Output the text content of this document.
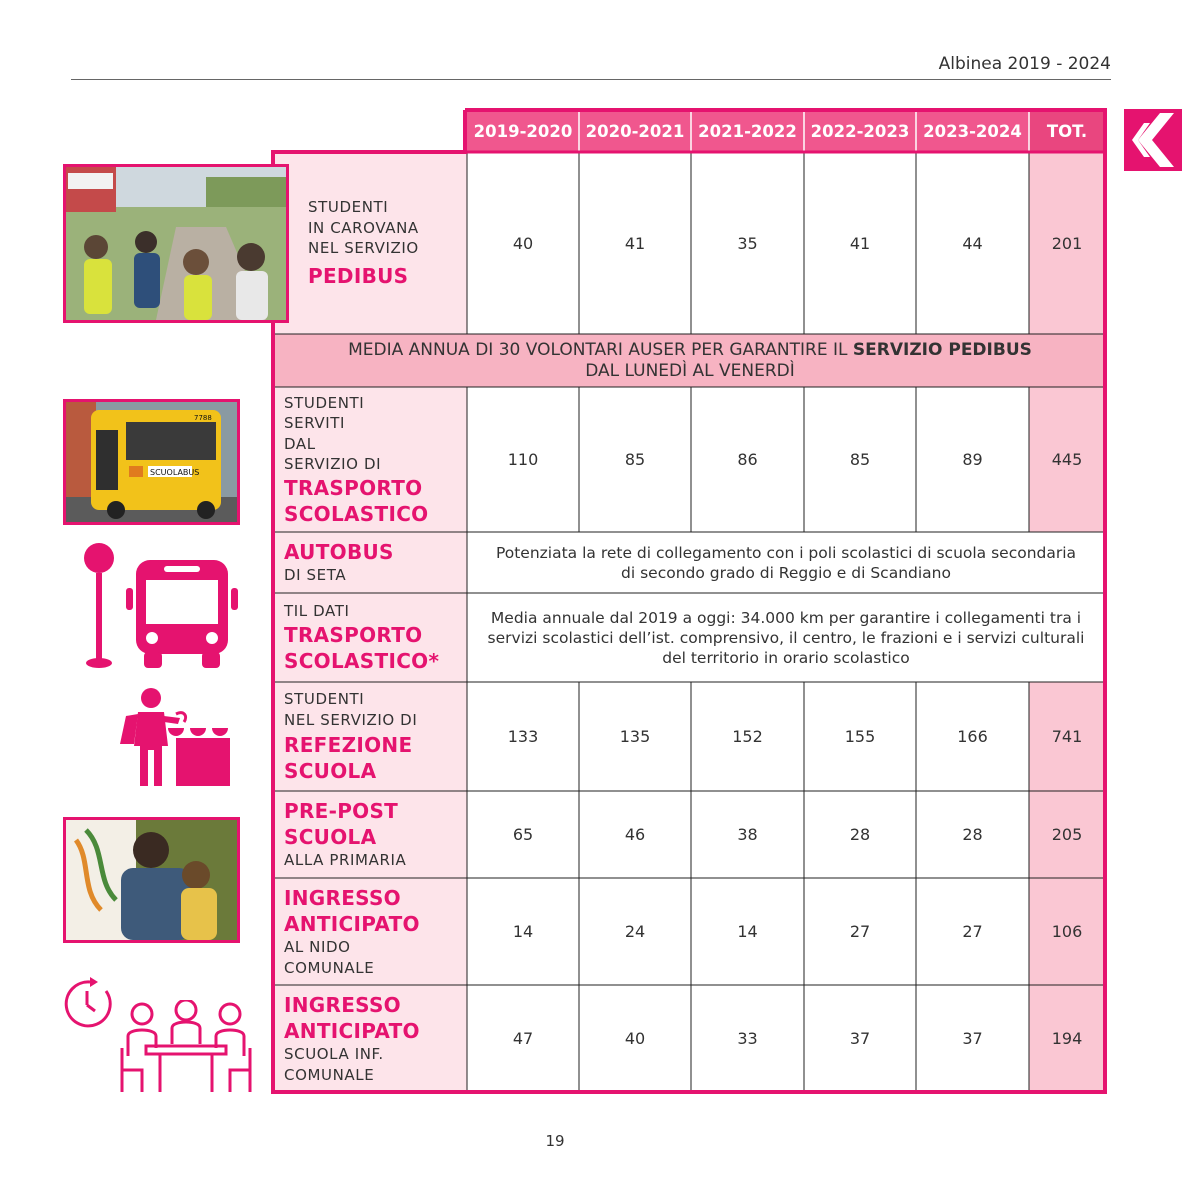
Albinea 2019 - 2024
2019-2020 2020-2021 2021-2022 2022-2023 2023-2024	TOT.
STUDENTI
IN CAROVANA
NEL SERVIZIO
PEDIBUS
40	41	35	41	44	201
MEDIA ANNUA DI 30 VOLONTARI AUSER PER GARANTIRE IL SERVIZIO PEDIBUS
DAL LUNEDÌ AL VENERDÌ
STUDENTI
SERVITI
DAL
SERVIZIO DI
TRASPORTO
SCOLASTICO
110	85	86	85	89	445
AUTOBUS
DI SETA
Potenziata la rete di collegamento con i poli scolastici di scuola secondaria
di secondo grado di Reggio e di Scandiano
TIL DATI
TRASPORTO
SCOLASTICO*
Media annuale dal 2019 a oggi: 34.000 km per garantire i collegamenti tra i
servizi scolastici dell’ist. comprensivo, il centro, le frazioni e i servizi culturali
del territorio in orario scolastico
STUDENTI
NEL SERVIZIO DI
REFEZIONE
SCUOLA
133	135	152	155	166	741
PRE-POST
SCUOLA
ALLA PRIMARIA
65	46	38	28	28	205
INGRESSO
ANTICIPATO
AL NIDO
COMUNALE
14	24	14	27	27	106
INGRESSO
ANTICIPATO
SCUOLA INF.
COMUNALE
47	40	33	37	37	194
SCUOLABUS
7788
19
